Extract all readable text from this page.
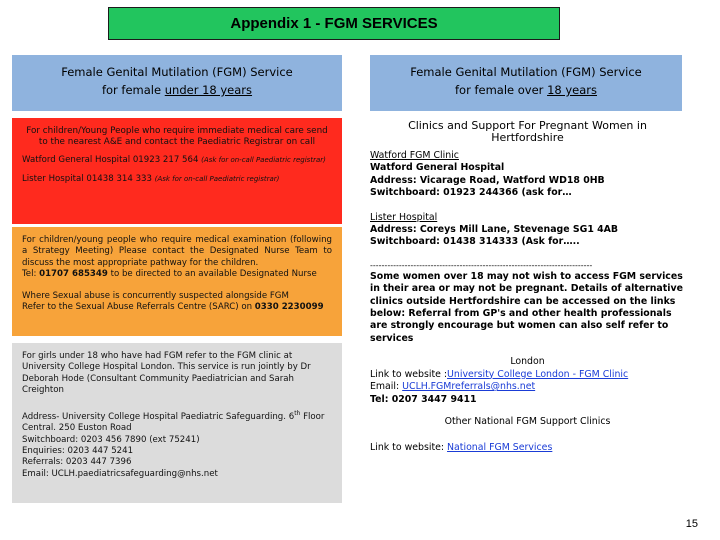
Appendix 1 - FGM SERVICES

Female Genital Mutilation (FGM) Service

for female under 18 years

Female Genital Mutilation (FGM) Service

for female over 18 years

For children/Young People who require immediate medical care send to the nearest A&E and contact the Paediatric Registrar on call

Watford General Hospital 01923 217 564 (Ask for on-call Paediatric registrar)

Lister Hospital 01438 314 333 (Ask for on-call Paediatric registrar)

For children/young people who require medical examination (following a Strategy Meeting) Please contact the Designated Nurse Team to discuss the most appropriate pathway for the children.

Tel: 01707 685349 to be directed to an available Designated Nurse

Where Sexual abuse is concurrently suspected alongside FGM

Refer to the Sexual Abuse Referrals Centre (SARC) on 0330 2230099

For girls under 18 who have had FGM refer to the FGM clinic at University College Hospital London. This service is run jointly by Dr Deborah Hode (Consultant Community Paediatrician and Sarah Creighton

Address- University College Hospital Paediatric Safeguarding. 6th Floor

Central. 250 Euston Road

Switchboard: 0203 456 7890 (ext 75241)

Enquiries: 0203 447 5241

Referrals: 0203 447 7396

Email: UCLH.paediatricsafeguarding@nhs.net

Clinics and Support For Pregnant Women in Hertfordshire

Watford FGM Clinic

Watford General Hospital

Address: Vicarage Road, Watford WD18 0HB

Switchboard: 01923 244366 (ask for…

Lister Hospital

Address: Coreys Mill Lane, Stevenage SG1 4AB

Switchboard: 01438 314333 (Ask for…..

-----------------------------------------------------------------------------

Some women over 18 may not wish to access FGM services in their area or may not be pregnant. Details of alternative clinics outside Hertfordshire can be accessed on the links below: Referral from GP's and other health professionals are strongly encourage but women can also self refer to services

London

Link to website :University College London - FGM Clinic

Email: UCLH.FGMreferrals@nhs.net

Tel: 0207 3447 9411

Other National FGM Support Clinics

Link to website: National FGM Services

15
